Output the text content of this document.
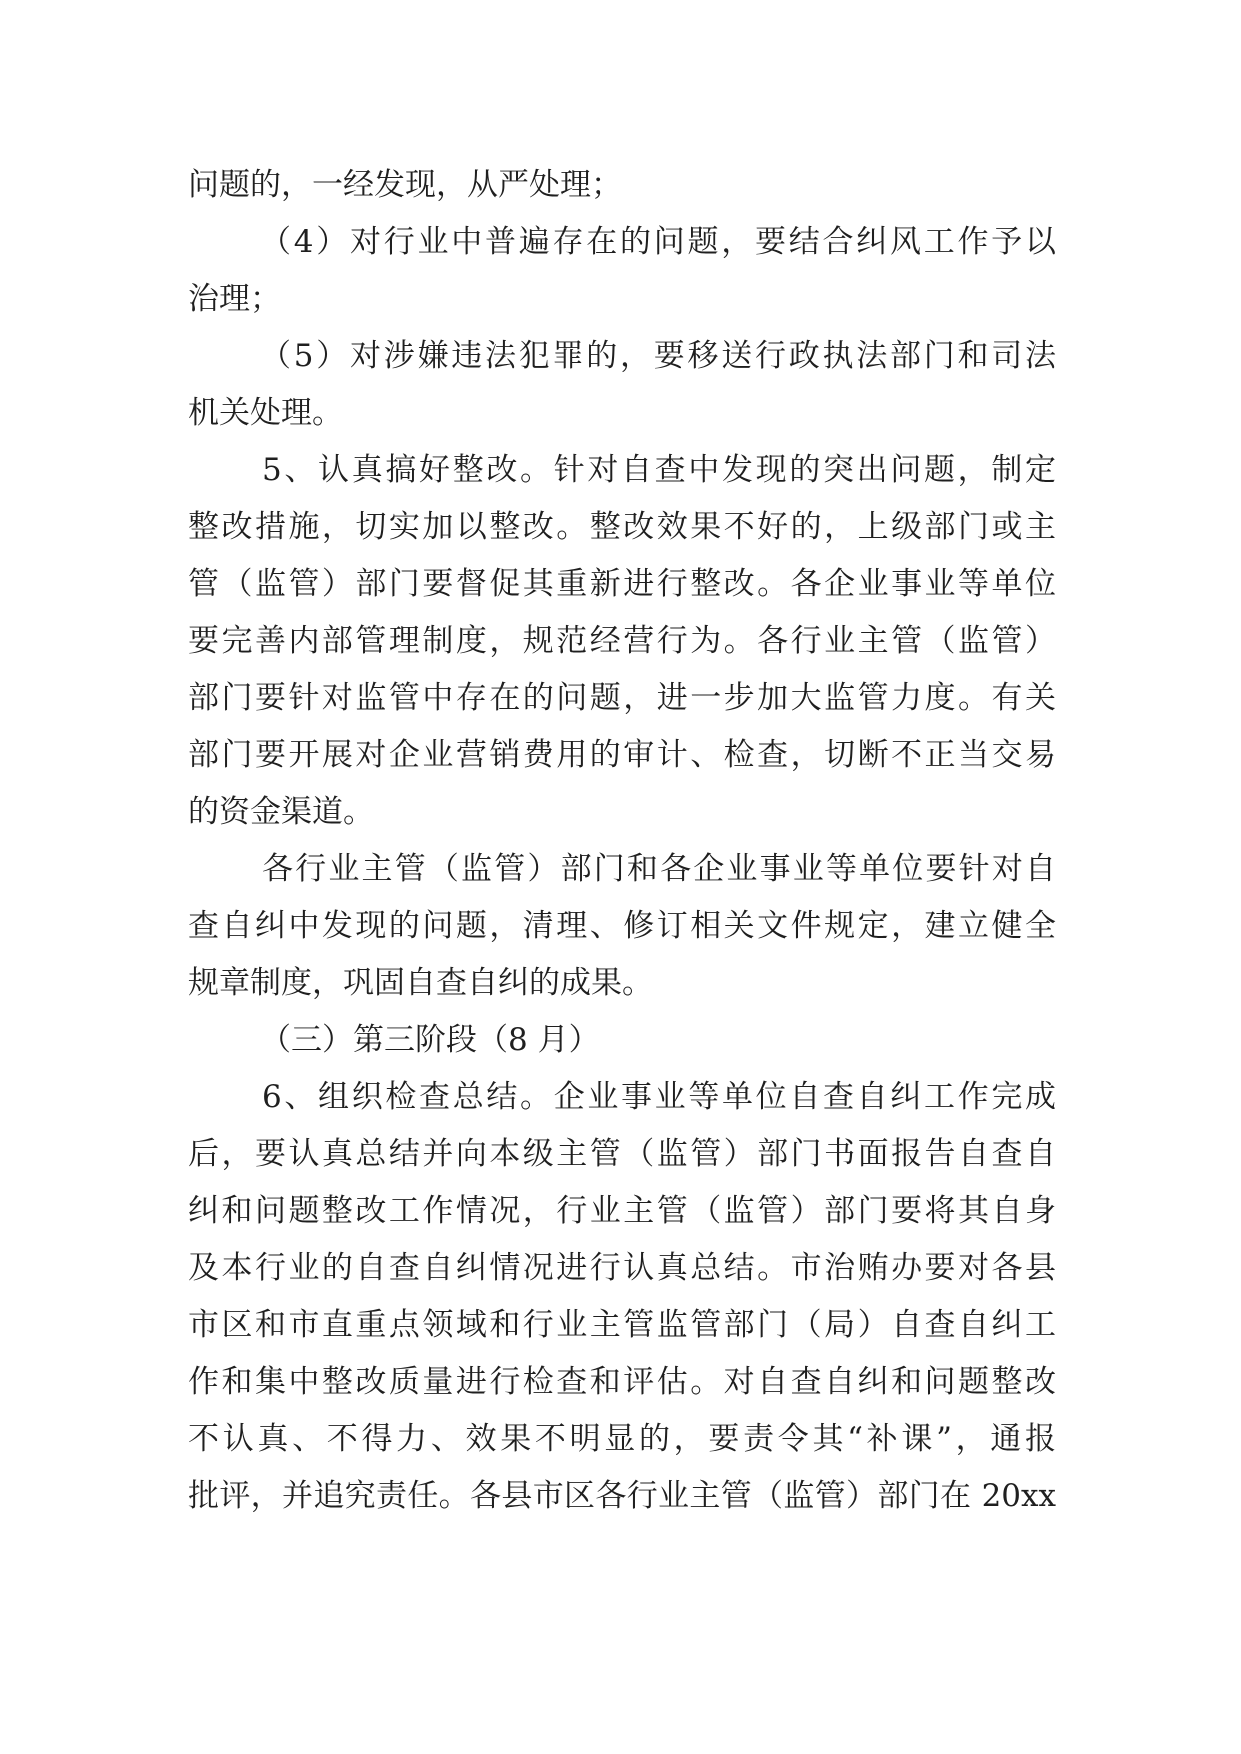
问题的，一经发现，从严处理；
（4）对行业中普遍存在的问题，要结合纠风工作予以
治理；
（5）对涉嫌违法犯罪的，要移送行政执法部门和司法
机关处理。
5、认真搞好整改。针对自查中发现的突出问题，制定
整改措施，切实加以整改。整改效果不好的，上级部门或主
管（监管）部门要督促其重新进行整改。各企业事业等单位
要完善内部管理制度，规范经营行为。各行业主管（监管）
部门要针对监管中存在的问题，进一步加大监管力度。有关
部门要开展对企业营销费用的审计、检查，切断不正当交易
的资金渠道。
各行业主管（监管）部门和各企业事业等单位要针对自
查自纠中发现的问题，清理、修订相关文件规定，建立健全
规章制度，巩固自查自纠的成果。
（三）第三阶段（8 月）
6、组织检查总结。企业事业等单位自查自纠工作完成
后，要认真总结并向本级主管（监管）部门书面报告自查自
纠和问题整改工作情况，行业主管（监管）部门要将其自身
及本行业的自查自纠情况进行认真总结。市治贿办要对各县
市区和市直重点领域和行业主管监管部门（局）自查自纠工
作和集中整改质量进行检查和评估。对自查自纠和问题整改
不认真、不得力、效果不明显的，要责令其“补课”，通报
批评，并追究责任。各县市区各行业主管（监管）部门在 20xx
